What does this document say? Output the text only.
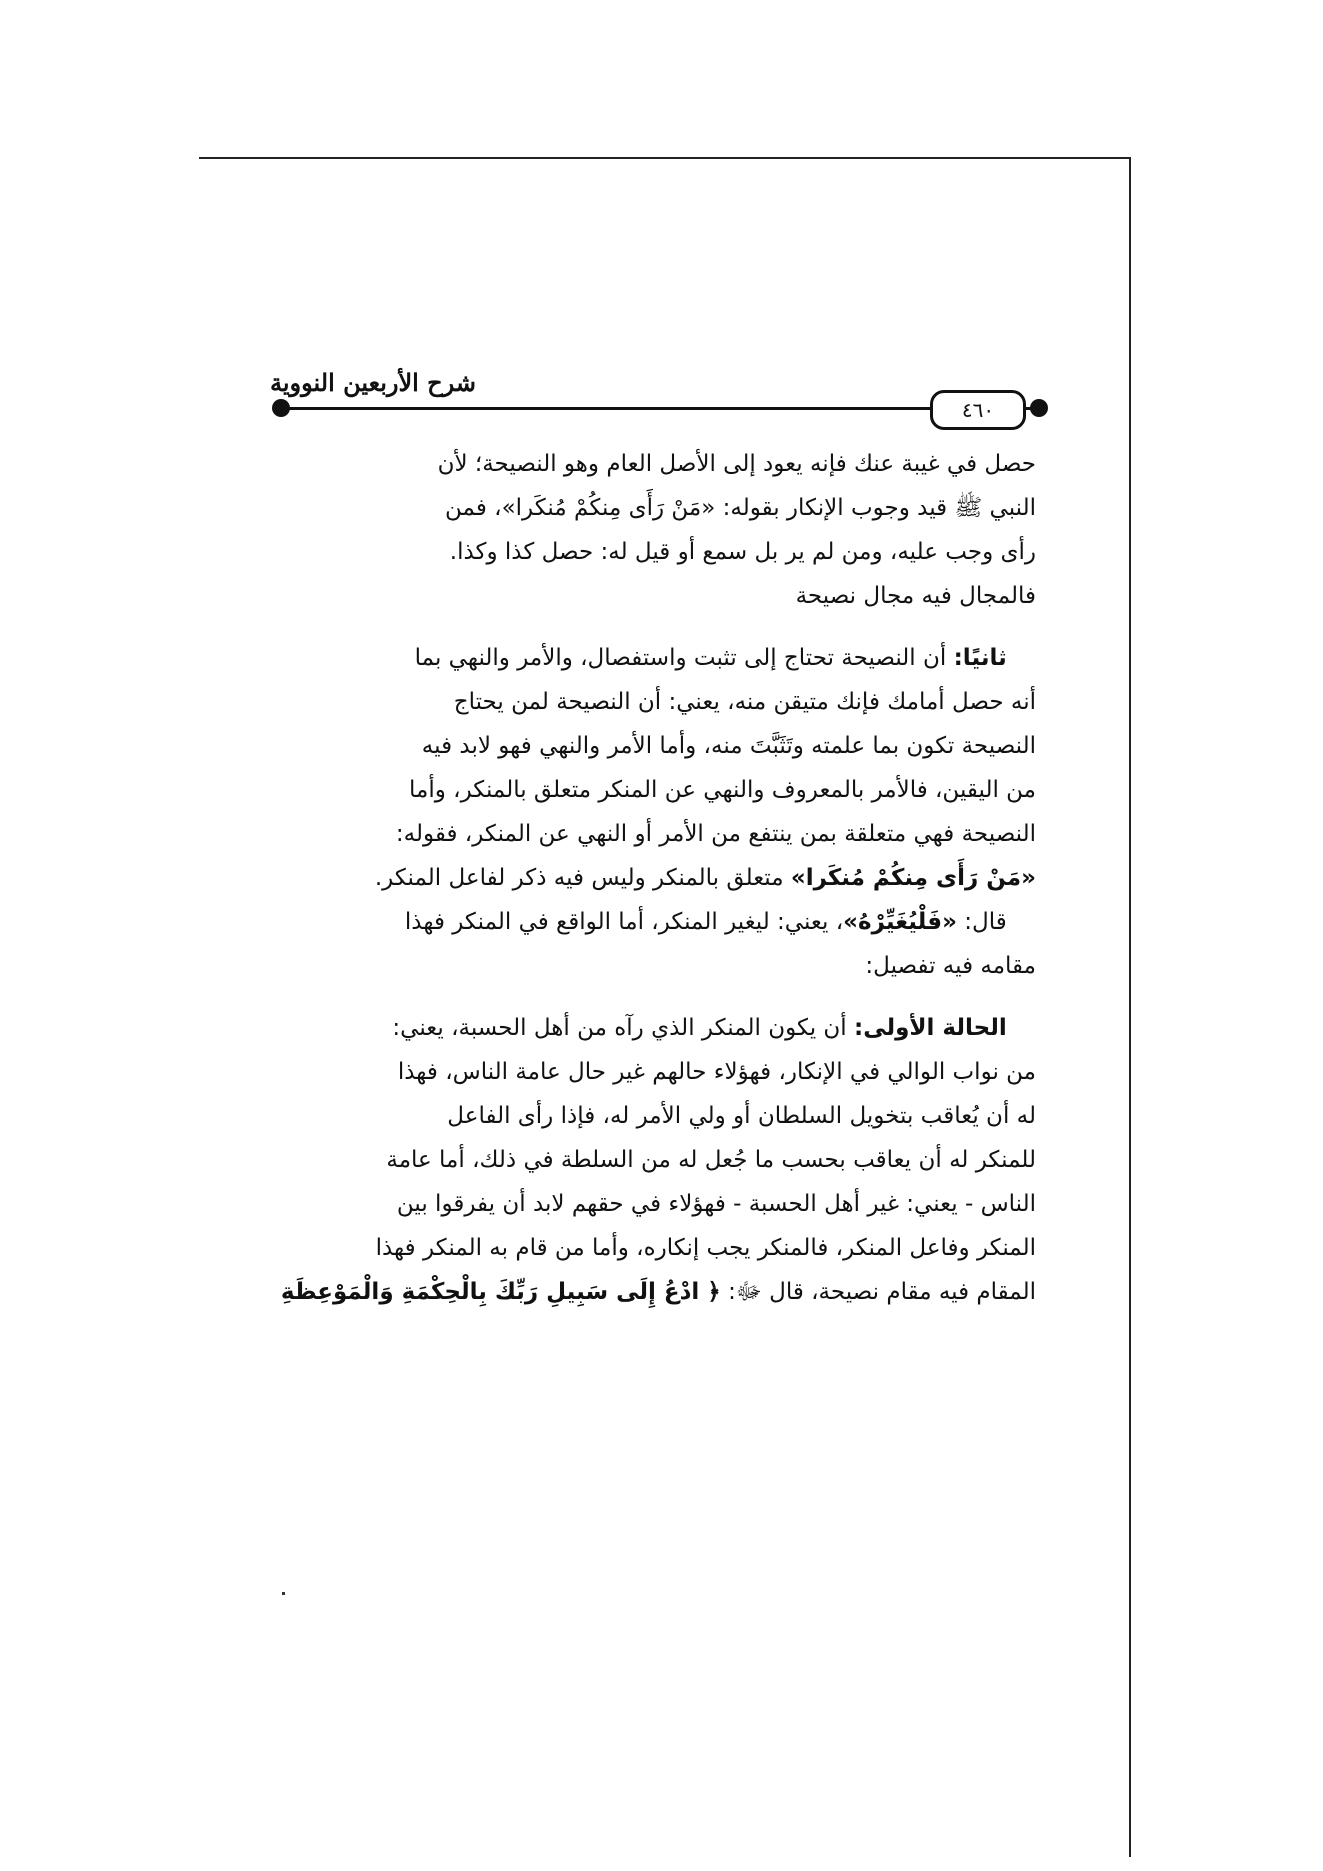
شرح الأربعين النووية
٤٦٠

حصل في غيبة عنك فإنه يعود إلى الأصل العام وهو النصيحة؛ لأن
النبي ﷺ قيد وجوب الإنكار بقوله: «مَنْ رَأَى مِنكُمْ مُنكَرا»، فمن
رأى وجب عليه، ومن لم ير بل سمع أو قيل له: حصل كذا وكذا.
فالمجال فيه مجال نصيحة

ثانيًا: أن النصيحة تحتاج إلى تثبت واستفصال، والأمر والنهي بما
أنه حصل أمامك فإنك متيقن منه، يعني: أن النصيحة لمن يحتاج
النصيحة تكون بما علمته وتَثَبَّتَ منه، وأما الأمر والنهي فهو لابد فيه
من اليقين، فالأمر بالمعروف والنهي عن المنكر متعلق بالمنكر، وأما
النصيحة فهي متعلقة بمن ينتفع من الأمر أو النهي عن المنكر، فقوله:
«مَنْ رَأَى مِنكُمْ مُنكَرا» متعلق بالمنكر وليس فيه ذكر لفاعل المنكر.

قال: «فَلْيُغَيِّرْهُ»، يعني: ليغير المنكر، أما الواقع في المنكر فهذا
مقامه فيه تفصيل:

الحالة الأولى: أن يكون المنكر الذي رآه من أهل الحسبة، يعني:
من نواب الوالي في الإنكار، فهؤلاء حالهم غير حال عامة الناس، فهذا
له أن يُعاقب بتخويل السلطان أو ولي الأمر له، فإذا رأى الفاعل
للمنكر له أن يعاقب بحسب ما جُعل له من السلطة في ذلك، أما عامة
الناس - يعني: غير أهل الحسبة - فهؤلاء في حقهم لابد أن يفرقوا بين
المنكر وفاعل المنكر، فالمنكر يجب إنكاره، وأما من قام به المنكر فهذا
المقام فيه مقام نصيحة، قال ﷻ: ﴿ ادْعُ إِلَى سَبِيلِ رَبِّكَ بِالْحِكْمَةِ وَالْمَوْعِظَةِ
